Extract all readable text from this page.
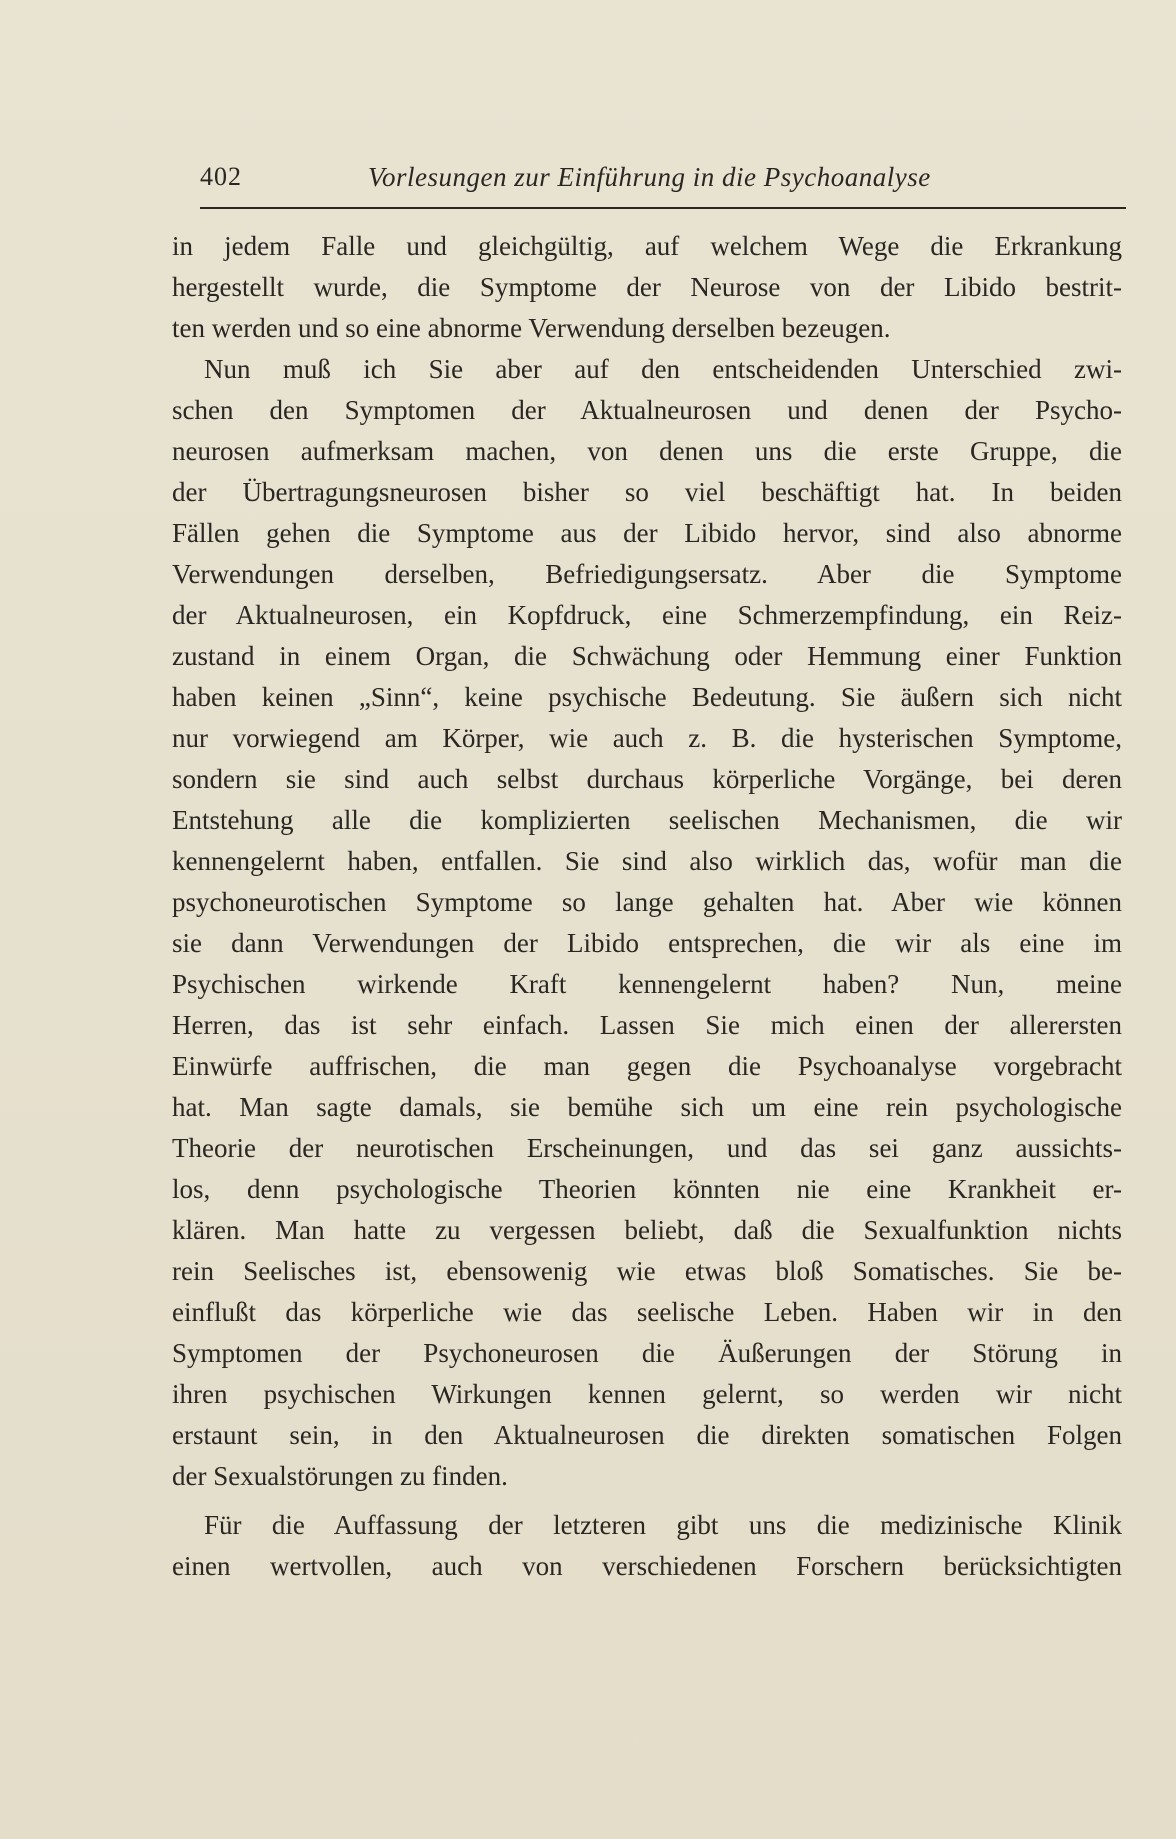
402	Vorlesungen zur Einführung in die Psychoanalyse
in jedem Falle und gleichgültig, auf welchem Wege die Erkrankung
hergestellt wurde, die Symptome der Neurose von der Libido bestrit-
ten werden und so eine abnorme Verwendung derselben bezeugen.
Nun muß ich Sie aber auf den entscheidenden Unterschied zwi-
schen den Symptomen der Aktualneurosen und denen der Psycho-
neurosen aufmerksam machen, von denen uns die erste Gruppe, die
der Übertragungsneurosen bisher so viel beschäftigt hat. In beiden
Fällen gehen die Symptome aus der Libido hervor, sind also abnorme
Verwendungen derselben, Befriedigungsersatz. Aber die Symptome
der Aktualneurosen, ein Kopfdruck, eine Schmerzempfindung, ein Reiz-
zustand in einem Organ, die Schwächung oder Hemmung einer Funktion
haben keinen „Sinn“, keine psychische Bedeutung. Sie äußern sich nicht
nur vorwiegend am Körper, wie auch z. B. die hysterischen Symptome,
sondern sie sind auch selbst durchaus körperliche Vorgänge, bei deren
Entstehung alle die komplizierten seelischen Mechanismen, die wir
kennengelernt haben, entfallen. Sie sind also wirklich das, wofür man die
psychoneurotischen Symptome so lange gehalten hat. Aber wie können
sie dann Verwendungen der Libido entsprechen, die wir als eine im
Psychischen wirkende Kraft kennengelernt haben? Nun, meine
Herren, das ist sehr einfach. Lassen Sie mich einen der allerersten
Einwürfe auffrischen, die man gegen die Psychoanalyse vorgebracht
hat. Man sagte damals, sie bemühe sich um eine rein psychologische
Theorie der neurotischen Erscheinungen, und das sei ganz aussichts-
los, denn psychologische Theorien könnten nie eine Krankheit er-
klären. Man hatte zu vergessen beliebt, daß die Sexualfunktion nichts
rein Seelisches ist, ebensowenig wie etwas bloß Somatisches. Sie be-
einflußt das körperliche wie das seelische Leben. Haben wir in den
Symptomen der Psychoneurosen die Äußerungen der Störung in
ihren psychischen Wirkungen kennen gelernt, so werden wir nicht
erstaunt sein, in den Aktualneurosen die direkten somatischen Folgen
der Sexualstörungen zu finden.
Für die Auffassung der letzteren gibt uns die medizinische Klinik
einen wertvollen, auch von verschiedenen Forschern berücksichtigten
